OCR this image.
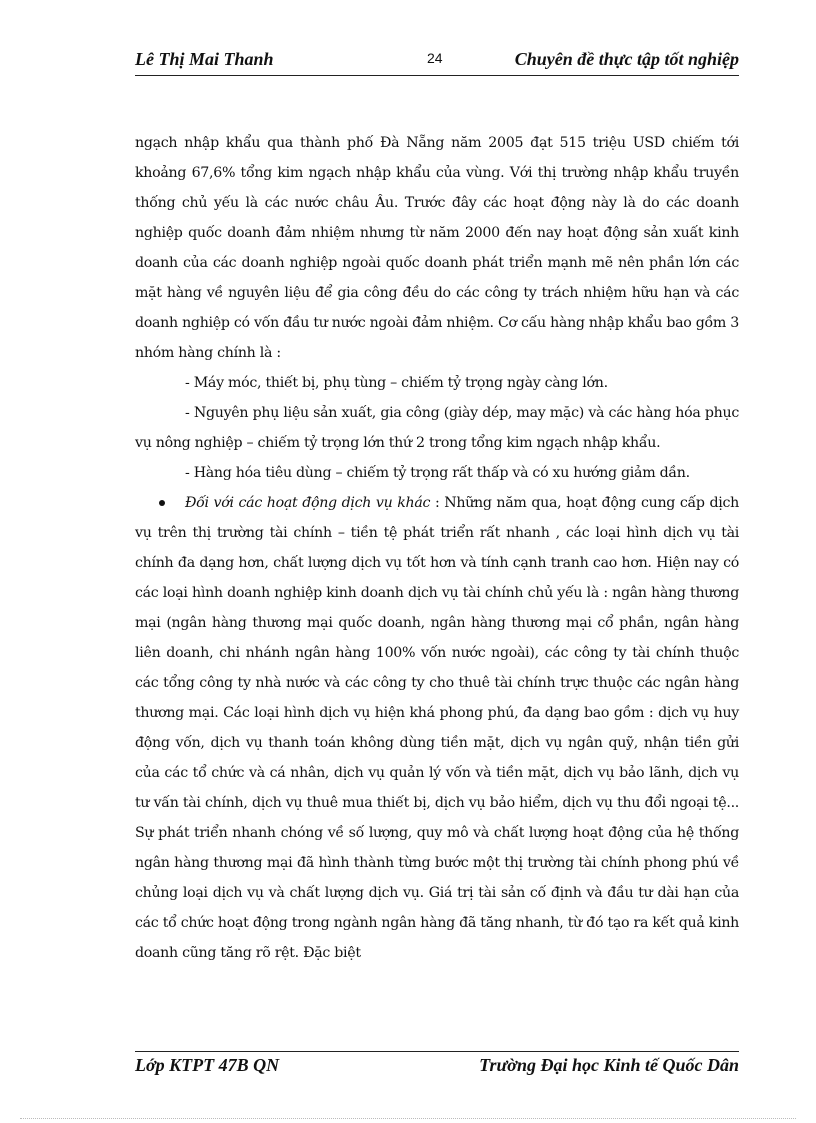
Lê Thị Mai Thanh	24	Chuyên đề thực tập tốt nghiệp

ngạch nhập khẩu qua thành phố Đà Nẵng năm 2005 đạt 515 triệu USD chiếm tới khoảng 67,6% tổng kim ngạch nhập khẩu của vùng. Với thị trường nhập khẩu truyền thống chủ yếu là các nước châu Âu. Trước đây các hoạt động này là do các doanh nghiệp quốc doanh đảm nhiệm nhưng từ năm 2000 đến nay hoạt động sản xuất kinh doanh của các doanh nghiệp ngoài quốc doanh phát triển mạnh mẽ nên phần lớn các mặt hàng về nguyên liệu để gia công đều do các công ty trách nhiệm hữu hạn và các doanh nghiệp có vốn đầu tư nước ngoài đảm nhiệm. Cơ cấu hàng nhập khẩu bao gồm 3 nhóm hàng chính là :

- Máy móc, thiết bị, phụ tùng – chiếm tỷ trọng ngày càng lớn.

- Nguyên phụ liệu sản xuất, gia công (giày dép, may mặc) và các hàng hóa phục vụ nông nghiệp – chiếm tỷ trọng lớn thứ 2 trong tổng kim ngạch nhập khẩu.

- Hàng hóa tiêu dùng – chiếm tỷ trọng rất thấp và có xu hướng giảm dần.

Đối với các hoạt động dịch vụ khác : Những năm qua, hoạt động cung cấp dịch vụ trên thị trường tài chính – tiền tệ phát triển rất nhanh , các loại hình dịch vụ tài chính đa dạng hơn, chất lượng dịch vụ tốt hơn và tính cạnh tranh cao hơn. Hiện nay có các loại hình doanh nghiệp kinh doanh dịch vụ tài chính chủ yếu là : ngân hàng thương mại (ngân hàng thương mại quốc doanh, ngân hàng thương mại cổ phần, ngân hàng liên doanh, chi nhánh ngân hàng 100% vốn nước ngoài), các công ty tài chính thuộc các tổng công ty nhà nước và các công ty cho thuê tài chính trực thuộc các ngân hàng thương mại. Các loại hình dịch vụ hiện khá phong phú, đa dạng bao gồm : dịch vụ huy động vốn, dịch vụ thanh toán không dùng tiền mặt, dịch vụ ngân quỹ, nhận tiền gửi của các tổ chức và cá nhân, dịch vụ quản lý vốn và tiền mặt, dịch vụ bảo lãnh, dịch vụ tư vấn tài chính, dịch vụ thuê mua thiết bị, dịch vụ bảo hiểm, dịch vụ thu đổi ngoại tệ... Sự phát triển nhanh chóng về số lượng, quy mô và chất lượng hoạt động của hệ thống ngân hàng thương mại đã hình thành từng bước một thị trường tài chính phong phú về chủng loại dịch vụ và chất lượng dịch vụ. Giá trị tài sản cố định và đầu tư dài hạn của các tổ chức hoạt động trong ngành ngân hàng đã tăng nhanh, từ đó tạo ra kết quả kinh doanh cũng tăng rõ rệt. Đặc biệt

Lớp KTPT 47B QN	Trường Đại học Kinh tế Quốc Dân
